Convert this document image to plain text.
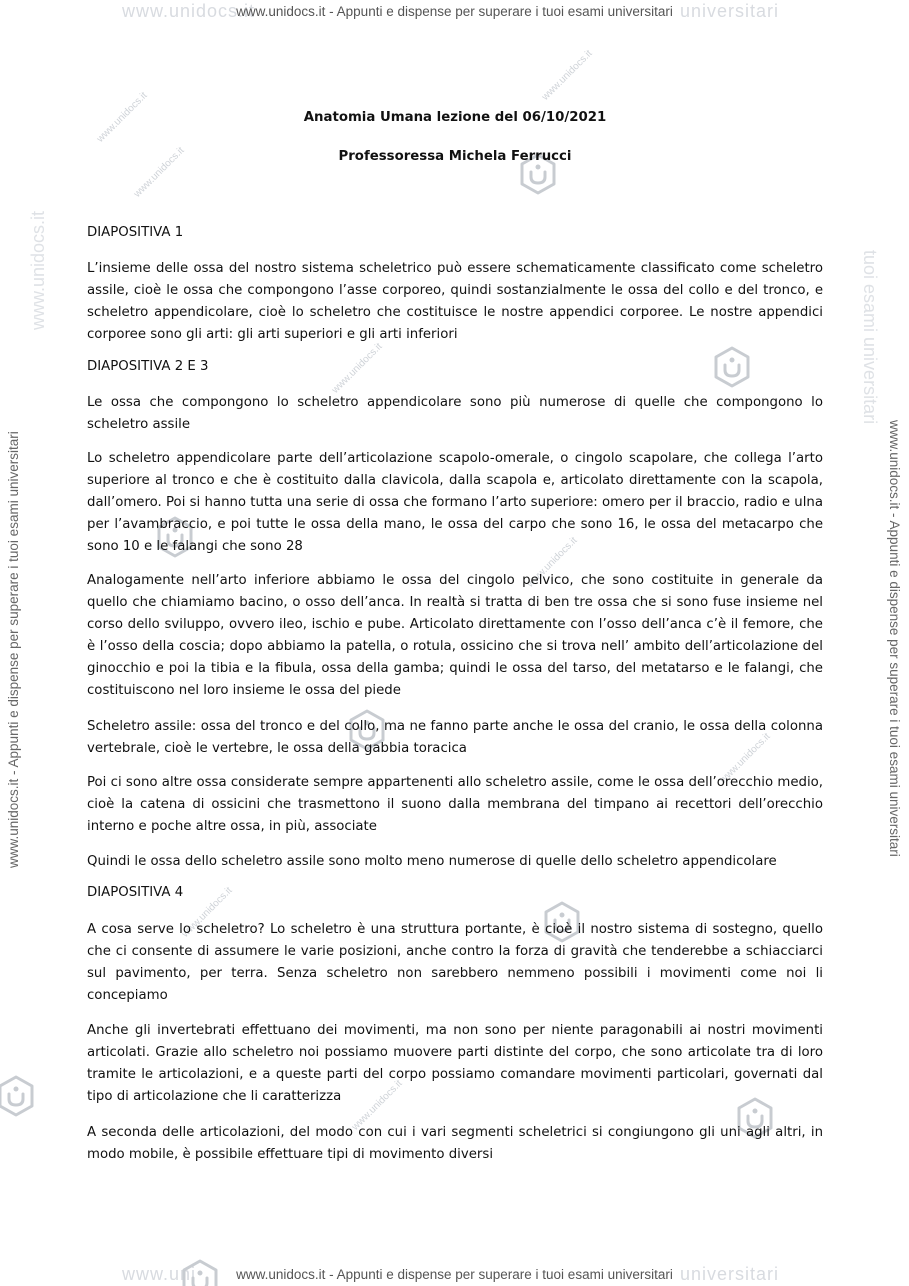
www.unidocs.it	universitari
www.uni	universitari
www.unidocs.it	tuoi esami universitari
www.unidocs.it
www.unidocs.it
www.unidocs.it
www.unidocs.it
www.unidocs.it
www.unidocs.it
www.unidocs.it
www.unidocs.it
www.unidocs.it - Appunti e dispense per superare i tuoi esami universitari
www.unidocs.it - Appunti e dispense per superare i tuoi esami universitari
www.unidocs.it - Appunti e dispense per superare i tuoi esami universitari	www.unidocs.it - Appunti e dispense per superare i tuoi esami universitari
Anatomia Umana lezione del 06/10/2021
Professoressa Michela Ferrucci
DIAPOSITIVA 1
L’insieme delle ossa del nostro sistema scheletrico può essere schematicamente classificato come scheletro assile, cioè le ossa che compongono l’asse corporeo, quindi sostanzialmente le ossa del collo e del tronco, e scheletro appendicolare, cioè lo scheletro che costituisce le nostre appendici corporee. Le nostre appendici corporee sono gli arti: gli arti superiori e gli arti inferiori
DIAPOSITIVA 2 E 3
Le ossa che compongono lo scheletro appendicolare sono più numerose di quelle che compongono lo scheletro assile
Lo scheletro appendicolare parte dell’articolazione scapolo-omerale, o cingolo scapolare, che collega l’arto superiore al tronco e che è costituito dalla clavicola, dalla scapola e, articolato direttamente con la scapola, dall’omero. Poi si hanno tutta una serie di ossa che formano l’arto superiore: omero per il braccio, radio e ulna per l’avambraccio, e poi tutte le ossa della mano, le ossa del carpo che sono 16, le ossa del metacarpo che sono 10 e le falangi che sono 28
Analogamente nell’arto inferiore abbiamo le ossa del cingolo pelvico, che sono costituite in generale da quello che chiamiamo bacino, o osso dell’anca. In realtà si tratta di ben tre ossa che si sono fuse insieme nel corso dello sviluppo, ovvero ileo, ischio e pube. Articolato direttamente con l’osso dell’anca c’è il femore, che è l’osso della coscia; dopo abbiamo la patella, o rotula, ossicino che si trova nell’ ambito dell’articolazione del ginocchio e poi la tibia e la fibula, ossa della gamba; quindi le ossa del tarso, del metatarso e le falangi, che costituiscono nel loro insieme le ossa del piede
Scheletro assile: ossa del tronco e del collo, ma ne fanno parte anche le ossa del cranio, le ossa della colonna vertebrale, cioè le vertebre, le ossa della gabbia toracica
Poi ci sono altre ossa considerate sempre appartenenti allo scheletro assile, come le ossa dell’orecchio medio, cioè la catena di ossicini che trasmettono il suono dalla membrana del timpano ai recettori dell’orecchio interno e poche altre ossa, in più, associate
Quindi le ossa dello scheletro assile sono molto meno numerose di quelle dello scheletro appendicolare
DIAPOSITIVA 4
A cosa serve lo scheletro? Lo scheletro è una struttura portante, è cioè il nostro sistema di sostegno, quello che ci consente di assumere le varie posizioni, anche contro la forza di gravità che tenderebbe a schiacciarci sul pavimento, per terra. Senza scheletro non sarebbero nemmeno possibili i movimenti come noi li concepiamo
Anche gli invertebrati effettuano dei movimenti, ma non sono per niente paragonabili ai nostri movimenti articolati. Grazie allo scheletro noi possiamo muovere parti distinte del corpo, che sono articolate tra di loro tramite le articolazioni, e a queste parti del corpo possiamo comandare movimenti particolari, governati dal tipo di articolazione che li caratterizza
A seconda delle articolazioni, del modo con cui i vari segmenti scheletrici si congiungono gli uni agli altri, in modo mobile, è possibile effettuare tipi di movimento diversi
